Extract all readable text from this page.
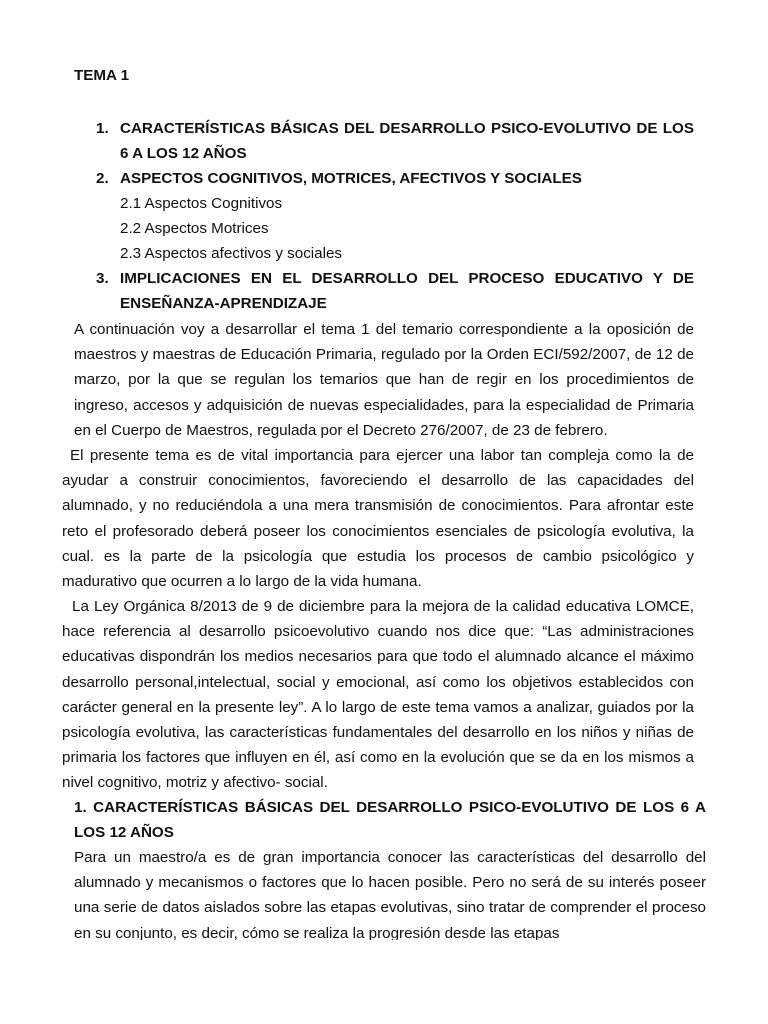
TEMA 1
1. CARACTERÍSTICAS BÁSICAS DEL DESARROLLO PSICO-EVOLUTIVO DE LOS 6 A LOS 12 AÑOS
2. ASPECTOS COGNITIVOS, MOTRICES, AFECTIVOS Y SOCIALES
2.1 Aspectos Cognitivos
2.2 Aspectos Motrices
2.3 Aspectos afectivos y sociales
3. IMPLICACIONES EN EL DESARROLLO DEL PROCESO EDUCATIVO Y DE ENSEÑANZA-APRENDIZAJE

A continuación voy a desarrollar el tema 1 del temario correspondiente a la oposición de maestros y maestras de Educación Primaria, regulado por la Orden ECI/592/2007, de 12 de marzo, por la que se regulan los temarios que han de regir en los procedimientos de ingreso, accesos y adquisición de nuevas especialidades, para la especialidad de Primaria en el Cuerpo de Maestros, regulada por el Decreto 276/2007, de 23 de febrero.

El presente tema es de vital importancia para ejercer una labor tan compleja como la de ayudar a construir conocimientos, favoreciendo el desarrollo de las capacidades del alumnado, y no reduciéndola a una mera transmisión de conocimientos. Para afrontar este reto el profesorado deberá poseer los conocimientos esenciales de psicología evolutiva, la cual. es la parte de la psicología que estudia los procesos de cambio psicológico y madurativo que ocurren a lo largo de la vida humana.

La Ley Orgánica 8/2013 de 9 de diciembre para la mejora de la calidad educativa LOMCE, hace referencia al desarrollo psicoevolutivo cuando nos dice que: “Las administraciones educativas dispondrán los medios necesarios para que todo el alumnado alcance el máximo desarrollo personal,intelectual, social y emocional, así como los objetivos establecidos con carácter general en la presente ley”. A lo largo de este tema vamos a analizar, guiados por la psicología evolutiva, las características fundamentales del desarrollo en los niños y niñas de primaria los factores que influyen en él, así como en la evolución que se da en los mismos a nivel cognitivo, motriz y afectivo- social.

1. CARACTERÍSTICAS BÁSICAS DEL DESARROLLO PSICO-EVOLUTIVO DE LOS 6 A LOS 12 AÑOS

Para un maestro/a es de gran importancia conocer las características del desarrollo del alumnado y mecanismos o factores que lo hacen posible. Pero no será de su interés poseer una serie de datos aislados sobre las etapas evolutivas, sino tratar de comprender el proceso en su conjunto, es decir, cómo se realiza la progresión desde las etapas
